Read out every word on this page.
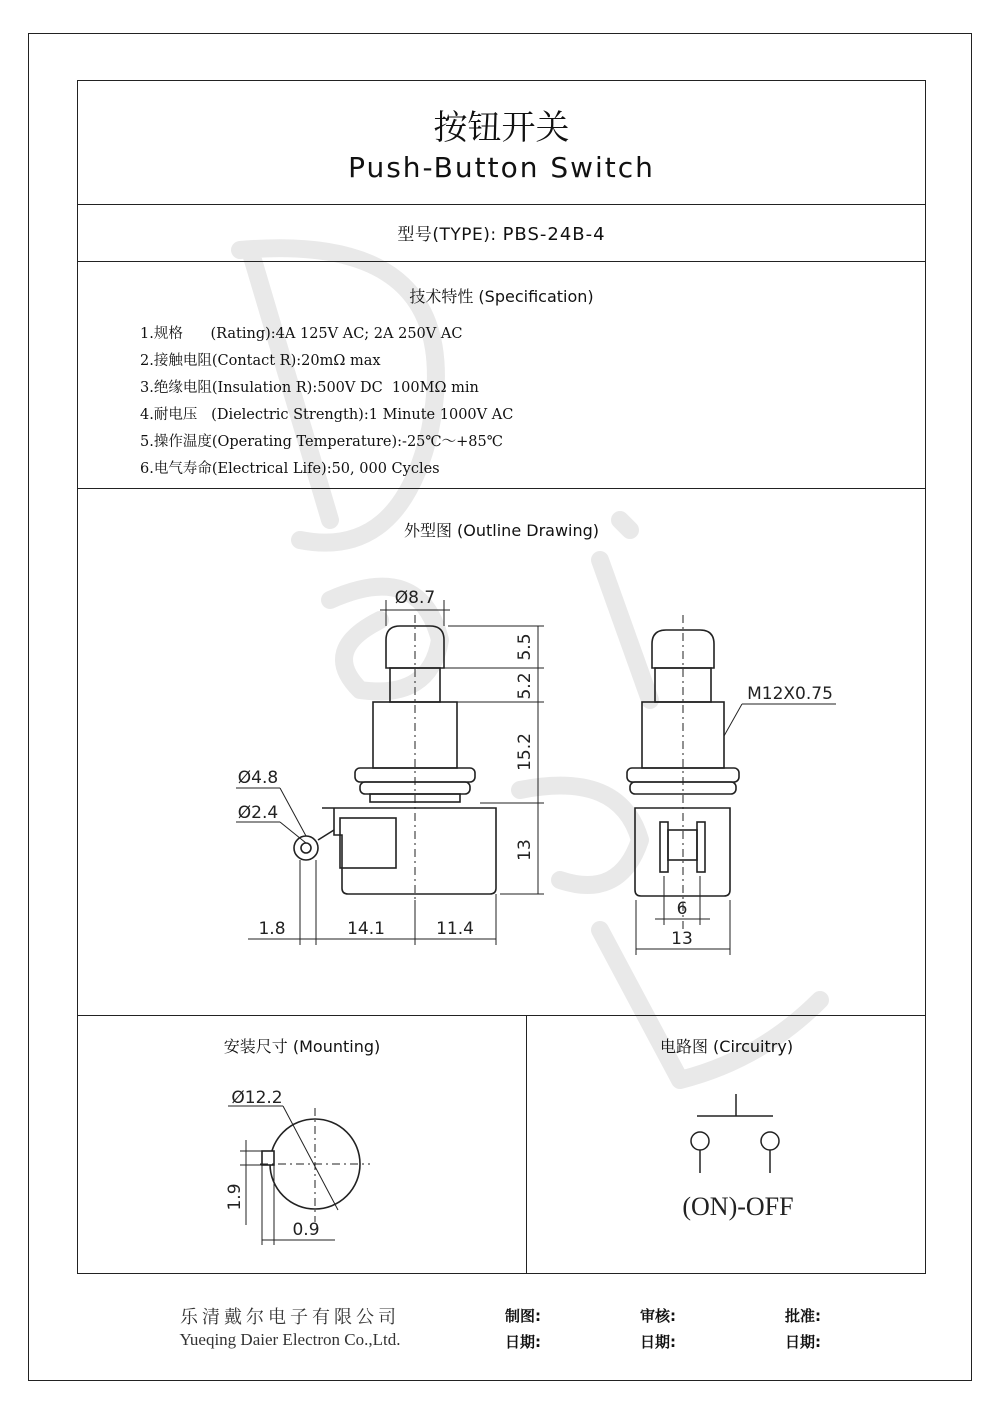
按钮开关
Push-Button Switch
型号(TYPE): PBS-24B-4
技术特性 (Specification)
1.规格      (Rating):4A 125V AC; 2A 250V AC
2.接触电阻(Contact R):20mΩ max
3.绝缘电阻(Insulation R):500V DC  100MΩ min
4.耐电压   (Dielectric Strength):1 Minute 1000V AC
5.操作温度(Operating Temperature):-25℃～+85℃
6.电气寿命(Electrical Life):50, 000 Cycles
外型图 (Outline Drawing)
Ø8.7
5.5
5.2
15.2
13
Ø4.8
Ø2.4
1.8	14.1	11.4
M12X0.75
6
13
安装尺寸 (Mounting)
Ø12.2
1.9
0.9
电路图 (Circuitry)
(ON)-OFF
乐清戴尔电子有限公司
Yueqing Daier Electron Co.,Ltd.
制图:	审核:	批准:
日期:	日期:	日期:
